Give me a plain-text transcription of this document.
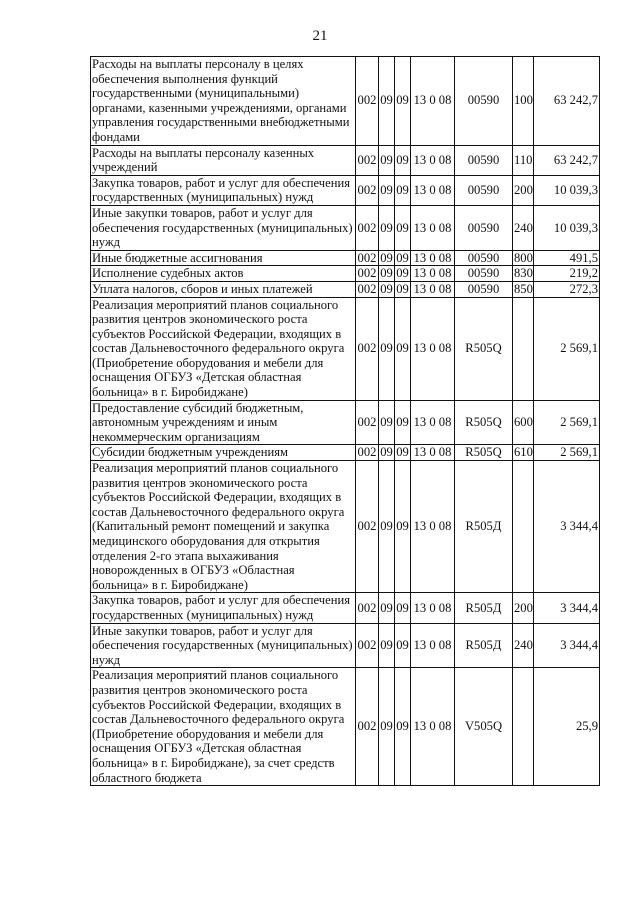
21
Расходы на выплаты персоналу в целях обеспечения выполнения функций государственными (муниципальными) органами, казенными учреждениями, органами управления государственными внебюджетными фондами	002	09	09	13 0 08	00590	100	63 242,7
Расходы на выплаты персоналу казенных учреждений	002	09	09	13 0 08	00590	110	63 242,7
Закупка товаров, работ и услуг для обеспечения государственных (муниципальных) нужд	002	09	09	13 0 08	00590	200	10 039,3
Иные закупки товаров, работ и услуг для обеспечения государственных (муниципальных) нужд	002	09	09	13 0 08	00590	240	10 039,3
Иные бюджетные ассигнования	002	09	09	13 0 08	00590	800	491,5
Исполнение судебных актов	002	09	09	13 0 08	00590	830	219,2
Уплата налогов, сборов и иных платежей	002	09	09	13 0 08	00590	850	272,3
Реализация мероприятий планов социального развития центров экономического роста субъектов Российской Федерации, входящих в состав Дальневосточного федерального округа (Приобретение оборудования и мебели для оснащения ОГБУЗ «Детская областная больница» в г. Биробиджане)	002	09	09	13 0 08	R505Q		2 569,1
Предоставление субсидий бюджетным, автономным учреждениям и иным некоммерческим организациям	002	09	09	13 0 08	R505Q	600	2 569,1
Субсидии бюджетным учреждениям	002	09	09	13 0 08	R505Q	610	2 569,1
Реализация мероприятий планов социального развития центров экономического роста субъектов Российской Федерации, входящих в состав Дальневосточного федерального округа (Капитальный ремонт помещений и закупка медицинского оборудования для открытия отделения 2-го этапа выхаживания новорожденных в ОГБУЗ «Областная больница» в г. Биробиджане)	002	09	09	13 0 08	R505Д		3 344,4
Закупка товаров, работ и услуг для обеспечения государственных (муниципальных) нужд	002	09	09	13 0 08	R505Д	200	3 344,4
Иные закупки товаров, работ и услуг для обеспечения государственных (муниципальных) нужд	002	09	09	13 0 08	R505Д	240	3 344,4
Реализация мероприятий планов социального развития центров экономического роста субъектов Российской Федерации, входящих в состав Дальневосточного федерального округа (Приобретение оборудования и мебели для оснащения ОГБУЗ «Детская областная больница» в г. Биробиджане), за счет средств областного бюджета	002	09	09	13 0 08	V505Q		25,9
